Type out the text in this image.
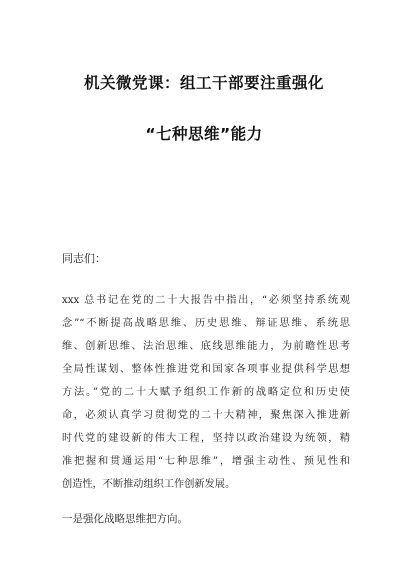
机关微党课：组工干部要注重强化
“七种思维”能力
同志们：
xxx 总书记在党的二十大报告中指出，“必须坚持系统观
念”“不断提高战略思维、历史思维、辩证思维、系统思
维、创新思维、法治思维、底线思维能力，为前瞻性思考
全局性谋划、整体性推进党和国家各项事业提供科学思想
方法。”党的二十大赋予组织工作新的战略定位和历史使
命，必须认真学习贯彻党的二十大精神，聚焦深入推进新
时代党的建设新的伟大工程，坚持以政治建设为统领，精
准把握和贯通运用“七种思维”，增强主动性、预见性和
创造性，不断推动组织工作创新发展。
一是强化战略思维把方向。
